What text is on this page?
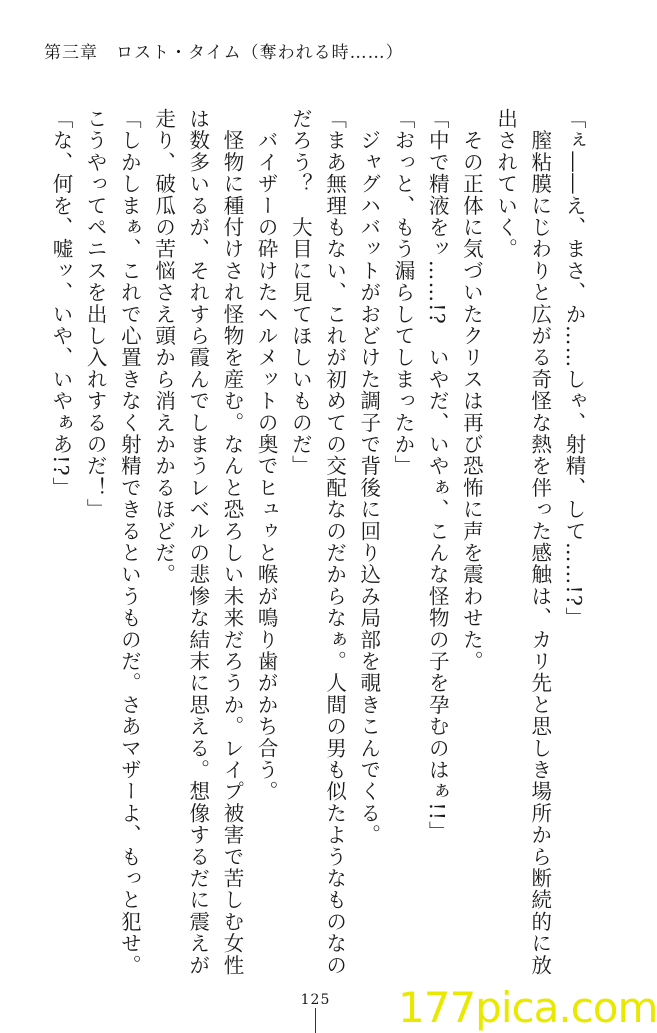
第三章　ロスト・タイム（奪われる時……）

「ぇ――え、まさ、か……しゃ、射精、して……!?」

　膣粘膜にじわりと広がる奇怪な熱を伴った感触は、カリ先と思しき場所から断続的に放

出されていく。

　その正体に気づいたクリスは再び恐怖に声を震わせた。

「中で精液をッ……!?　いやだ、いやぁ、こんな怪物の子を孕むのはぁ!!」

「おっと、もう漏らしてしまったか」

　ジャグハバットがおどけた調子で背後に回り込み局部を覗きこんでくる。

「まあ無理もない、これが初めての交配なのだからなぁ。人間の男も似たようなものなの

だろう？　大目に見てほしいものだ」

　バイザーの砕けたヘルメットの奥でヒュゥと喉が鳴り歯がかち合う。

　怪物に種付けされ怪物を産む。なんと恐ろしい未来だろうか。レイプ被害で苦しむ女性

は数多いるが、それすら霞んでしまうレベルの悲惨な結末に思える。想像するだに震えが

走り、破瓜の苦悩さえ頭から消えかかるほどだ。

「しかしまぁ、これで心置きなく射精できるというものだ。さあマザーよ、もっと犯せ。

こうやってペニスを出し入れするのだ！」

「な、何を、嘘ッ、いや、いやぁあ!?」

125	177pica.com
